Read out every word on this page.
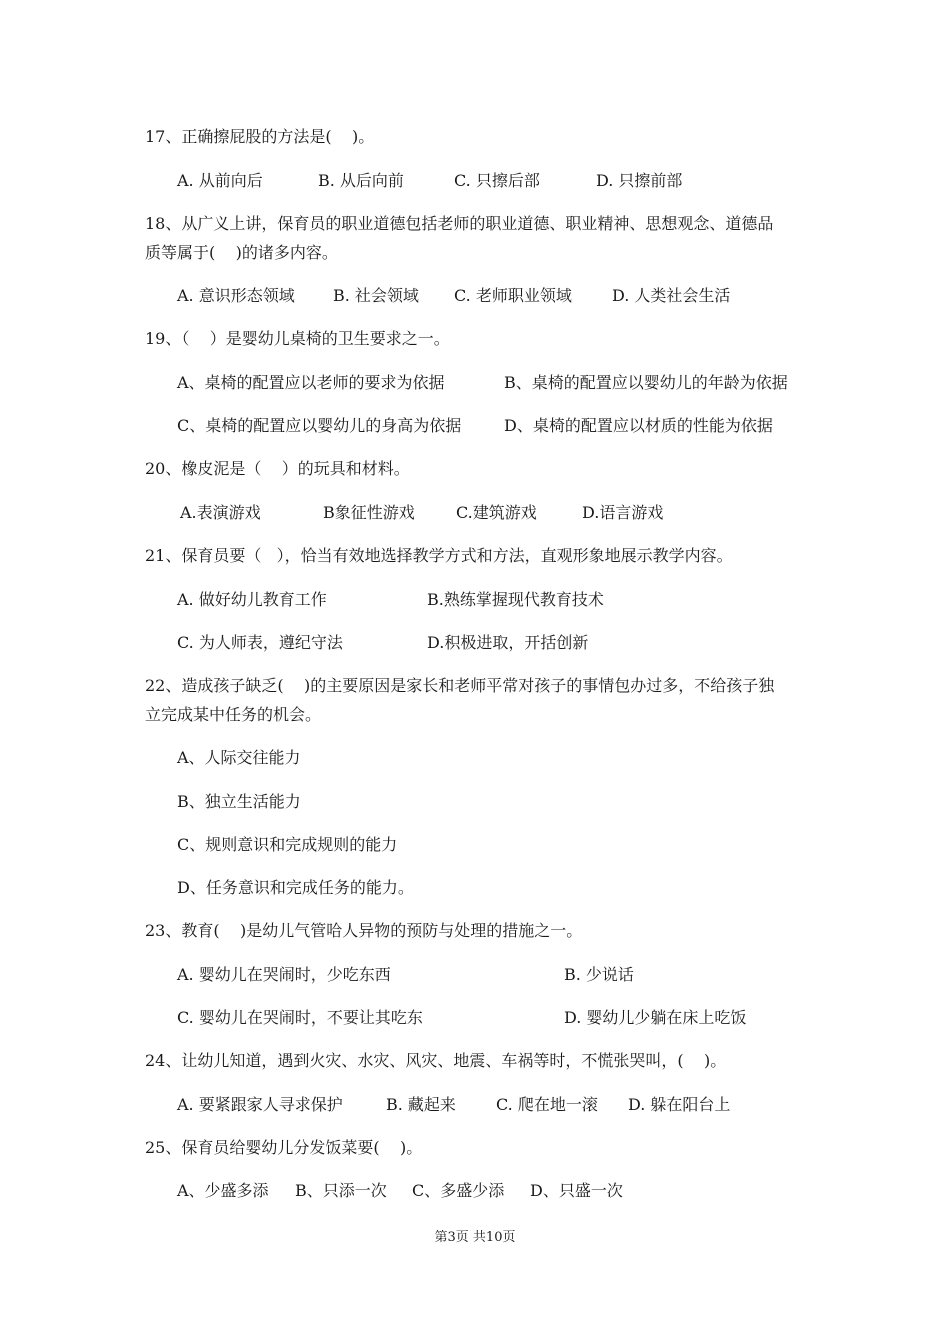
17、正确擦屁股的方法是(    )。
A. 从前向后	B. 从后向前	C. 只擦后部	D. 只擦前部
18、从广义上讲，保育员的职业道德包括老师的职业道德、职业精神、思想观念、道德品
质等属于(    )的诸多内容。
A. 意识形态领域 B. 社会领域 C. 老师职业领域	D. 人类社会生活
19、（    ）是婴幼儿桌椅的卫生要求之一。
A、桌椅的配置应以老师的要求为依据	B、桌椅的配置应以婴幼儿的年龄为依据
C、桌椅的配置应以婴幼儿的身高为依据	D、桌椅的配置应以材质的性能为依据
20、橡皮泥是（    ）的玩具和材料。
A.表演游戏	B象征性游戏	C.建筑游戏	D.语言游戏
21、保育员要（   ），恰当有效地选择教学方式和方法，直观形象地展示教学内容。
A. 做好幼儿教育工作	B.熟练掌握现代教育技术
C. 为人师表，遵纪守法	D.积极进取，开括创新
22、造成孩子缺乏(    )的主要原因是家长和老师平常对孩子的事情包办过多，不给孩子独
立完成某中任务的机会。
A、人际交往能力
B、独立生活能力
C、规则意识和完成规则的能力
D、任务意识和完成任务的能力。
23、教育(    )是幼儿气管哈人异物的预防与处理的措施之一。
A. 婴幼儿在哭闹时，少吃东西	B. 少说话
C. 婴幼儿在哭闹时，不要让其吃东	D. 婴幼儿少躺在床上吃饭
24、让幼儿知道，遇到火灾、水灾、风灾、地震、车祸等时，不慌张哭叫，(    )。
A. 要紧跟家人寻求保护	B. 藏起来	C. 爬在地一滚 D. 躲在阳台上
25、保育员给婴幼儿分发饭菜要(    )。
A、少盛多添 B、只添一次 C、多盛少添 D、只盛一次
第3页 共10页
